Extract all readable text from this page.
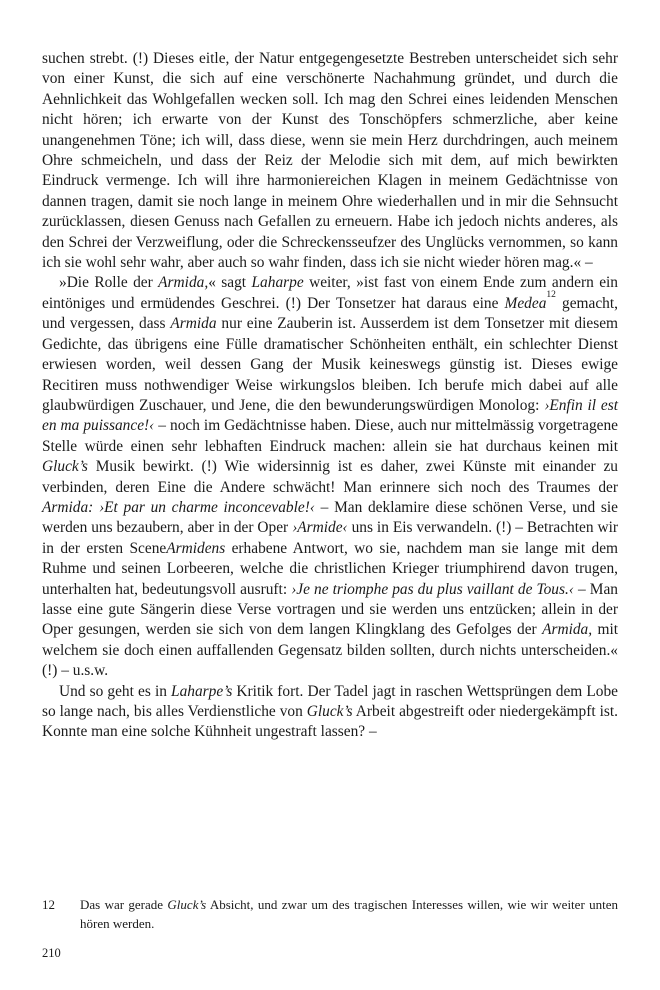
suchen strebt. (!) Dieses eitle, der Natur entgegengesetzte Bestreben unterscheidet sich sehr von einer Kunst, die sich auf eine verschönerte Nachahmung gründet, und durch die Aehnlichkeit das Wohlgefallen wecken soll. Ich mag den Schrei eines leidenden Menschen nicht hören; ich erwarte von der Kunst des Tonschöpfers schmerzliche, aber keine unangenehmen Töne; ich will, dass diese, wenn sie mein Herz durchdringen, auch meinem Ohre schmeicheln, und dass der Reiz der Melodie sich mit dem, auf mich bewirkten Eindruck vermenge. Ich will ihre harmoniereichen Klagen in meinem Gedächtnisse von dannen tragen, damit sie noch lange in meinem Ohre wiederhallen und in mir die Sehnsucht zurücklassen, diesen Genuss nach Gefallen zu erneuern. Habe ich jedoch nichts anderes, als den Schrei der Verzweiflung, oder die Schreckensseufzer des Unglücks vernommen, so kann ich sie wohl sehr wahr, aber auch so wahr finden, dass ich sie nicht wieder hören mag.« –

»Die Rolle der Armida,« sagt Laharpe weiter, »ist fast von einem Ende zum andern ein eintöniges und ermüdendes Geschrei. (!) Der Tonsetzer hat daraus eine Medea$^{12}$ gemacht, und vergessen, dass Armida nur eine Zauberin ist. Ausserdem ist dem Tonsetzer mit diesem Gedichte, das übrigens eine Fülle dramatischer Schönheiten enthält, ein schlechter Dienst erwiesen worden, weil dessen Gang der Musik keineswegs günstig ist. Dieses ewige Recitiren muss nothwendiger Weise wirkungslos bleiben. Ich berufe mich dabei auf alle glaubwürdigen Zuschauer, und Jene, die den bewunderungswürdigen Monolog: ›Enfin il est en ma puissance!‹ – noch im Gedächtnisse haben. Diese, auch nur mittelmässig vorgetragene Stelle würde einen sehr lebhaften Eindruck machen: allein sie hat durchaus keinen mit Gluck’s Musik bewirkt. (!) Wie widersinnig ist es daher, zwei Künste mit einander zu verbinden, deren Eine die Andere schwächt! Man erinnere sich noch des Traumes der Armida: ›Et par un charme inconcevable!‹ – Man deklamire diese schönen Verse, und sie werden uns bezaubern, aber in der Oper ›Armide‹ uns in Eis verwandeln. (!) – Betrachten wir in der ersten SceneArmidens erhabene Antwort, wo sie, nachdem man sie lange mit dem Ruhme und seinen Lorbeeren, welche die christlichen Krieger triumphirend davon trugen, unterhalten hat, bedeutungsvoll ausruft: ›Je ne triomphe pas du plus vaillant de Tous.‹ – Man lasse eine gute Sängerin diese Verse vortragen und sie werden uns entzücken; allein in der Oper gesungen, werden sie sich von dem langen Klingklang des Gefolges der Armida, mit welchem sie doch einen auffallenden Gegensatz bilden sollten, durch nichts unterscheiden.« (!) – u.s.w.

Und so geht es in Laharpe’s Kritik fort. Der Tadel jagt in raschen Wettsprüngen dem Lobe so lange nach, bis alles Verdienstliche von Gluck’s Arbeit abgestreift oder niedergekämpft ist. Konnte man eine solche Kühnheit ungestraft lassen? –

12	Das war gerade Gluck’s Absicht, und zwar um des tragischen Interesses willen, wie wir weiter unten hören werden.
210
